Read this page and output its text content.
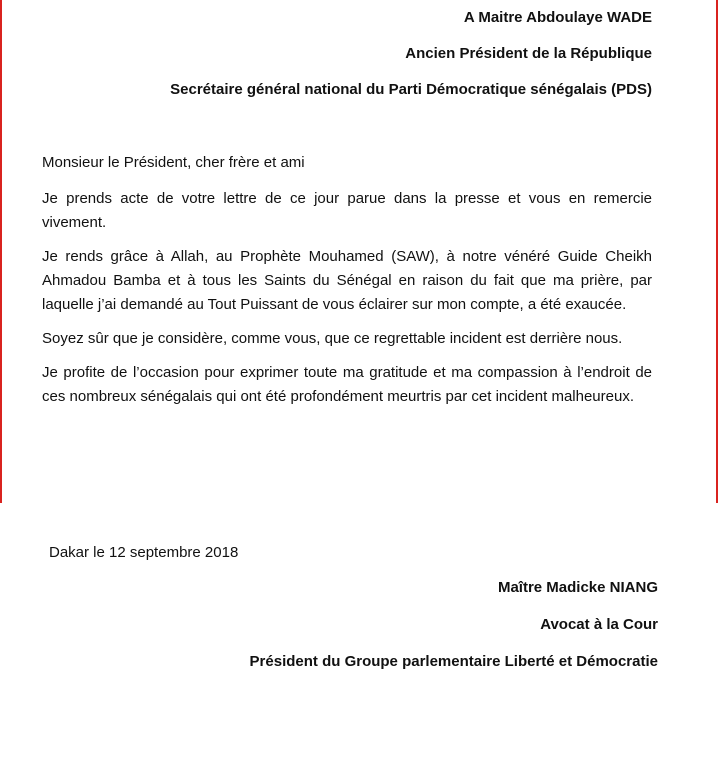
A Maitre Abdoulaye WADE
Ancien Président de la République
Secrétaire général national du Parti Démocratique sénégalais (PDS)

Monsieur le Président, cher frère et ami

Je prends acte de votre lettre de ce jour parue dans la presse et vous en remercie vivement.

Je rends grâce à Allah, au Prophète Mouhamed (SAW), à notre vénéré Guide Cheikh Ahmadou Bamba et à tous les Saints du Sénégal en raison du fait que ma prière, par laquelle j’ai demandé au Tout Puissant de vous éclairer sur mon compte, a été exaucée.

Soyez sûr que je considère, comme vous, que ce regrettable incident est derrière nous.

Je profite de l’occasion pour exprimer toute ma gratitude et ma compassion à l’endroit de ces nombreux sénégalais qui ont été profondément meurtris par cet incident malheureux.

Dakar le 12 septembre 2018
Maître Madicke NIANG
Avocat à la Cour
Président du Groupe parlementaire Liberté et Démocratie
